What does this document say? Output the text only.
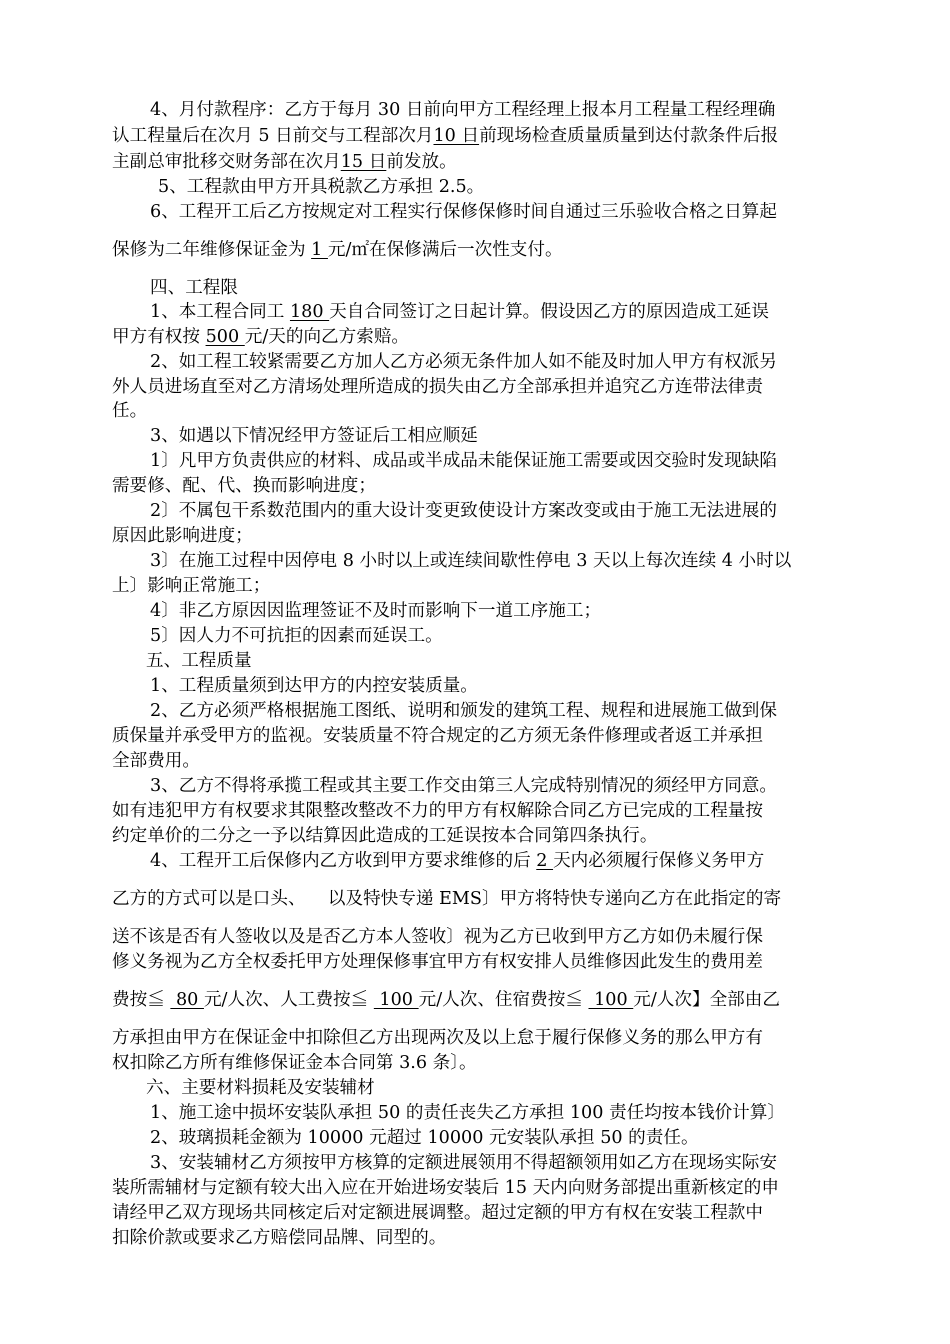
4、月付款程序：乙方于每月 30 日前向甲方工程经理上报本月工程量工程经理确
认工程量后在次月 5 日前交与工程部次月10 日前现场检查质量质量到达付款条件后报
主副总审批移交财务部在次月15 日前发放。
5、工程款由甲方开具税款乙方承担 2.5。
6、工程开工后乙方按规定对工程实行保修保修时间自通过三乐验收合格之日算起
保修为二年维修保证金为 1 元/㎡在保修满后一次性支付。
四、工程限
1、本工程合同工 180 天自合同签订之日起计算。假设因乙方的原因造成工延误
甲方有权按 500 元/天的向乙方索赔。
2、如工程工较紧需要乙方加人乙方必须无条件加人如不能及时加人甲方有权派另
外人员进场直至对乙方清场处理所造成的损失由乙方全部承担并追究乙方连带法律责
任。
3、如遇以下情况经甲方签证后工相应顺延
1〕凡甲方负责供应的材料、成品或半成品未能保证施工需要或因交验时发现缺陷
需要修、配、代、换而影响进度；
2〕不属包干系数范围内的重大设计变更致使设计方案改变或由于施工无法进展的
原因此影响进度；
3〕在施工过程中因停电 8 小时以上或连续间歇性停电 3 天以上每次连续 4 小时以
上〕影响正常施工；
4〕非乙方原因因监理签证不及时而影响下一道工序施工；
5〕因人力不可抗拒的因素而延误工。
五、工程质量
1、工程质量须到达甲方的内控安装质量。
2、乙方必须严格根据施工图纸、说明和颁发的建筑工程、规程和进展施工做到保
质保量并承受甲方的监视。安装质量不符合规定的乙方须无条件修理或者返工并承担
全部费用。
3、乙方不得将承揽工程或其主要工作交由第三人完成特别情况的须经甲方同意。
如有违犯甲方有权要求其限整改整改不力的甲方有权解除合同乙方已完成的工程量按
约定单价的二分之一予以结算因此造成的工延误按本合同第四条执行。
4、工程开工后保修内乙方收到甲方要求维修的后 2 天内必须履行保修义务甲方
乙方的方式可以是口头、    以及特快专递 EMS〕甲方将特快专递向乙方在此指定的寄
送不该是否有人签收以及是否乙方本人签收〕视为乙方已收到甲方乙方如仍未履行保
修义务视为乙方全权委托甲方处理保修事宜甲方有权安排人员维修因此发生的费用差
费按≦  80 元/人次、人工费按≦  100 元/人次、住宿费按≦  100 元/人次】全部由乙
方承担由甲方在保证金中扣除但乙方出现两次及以上怠于履行保修义务的那么甲方有
权扣除乙方所有维修保证金本合同第 3.6 条〕。
六、主要材料损耗及安装辅材
1、施工途中损坏安装队承担 50 的责任丧失乙方承担 100 责任均按本钱价计算〕
2、玻璃损耗金额为 10000 元超过 10000 元安装队承担 50 的责任。
3、安装辅材乙方须按甲方核算的定额进展领用不得超额领用如乙方在现场实际安
装所需辅材与定额有较大出入应在开始进场安装后 15 天内向财务部提出重新核定的申
请经甲乙双方现场共同核定后对定额进展调整。超过定额的甲方有权在安装工程款中
扣除价款或要求乙方赔偿同品牌、同型的。
